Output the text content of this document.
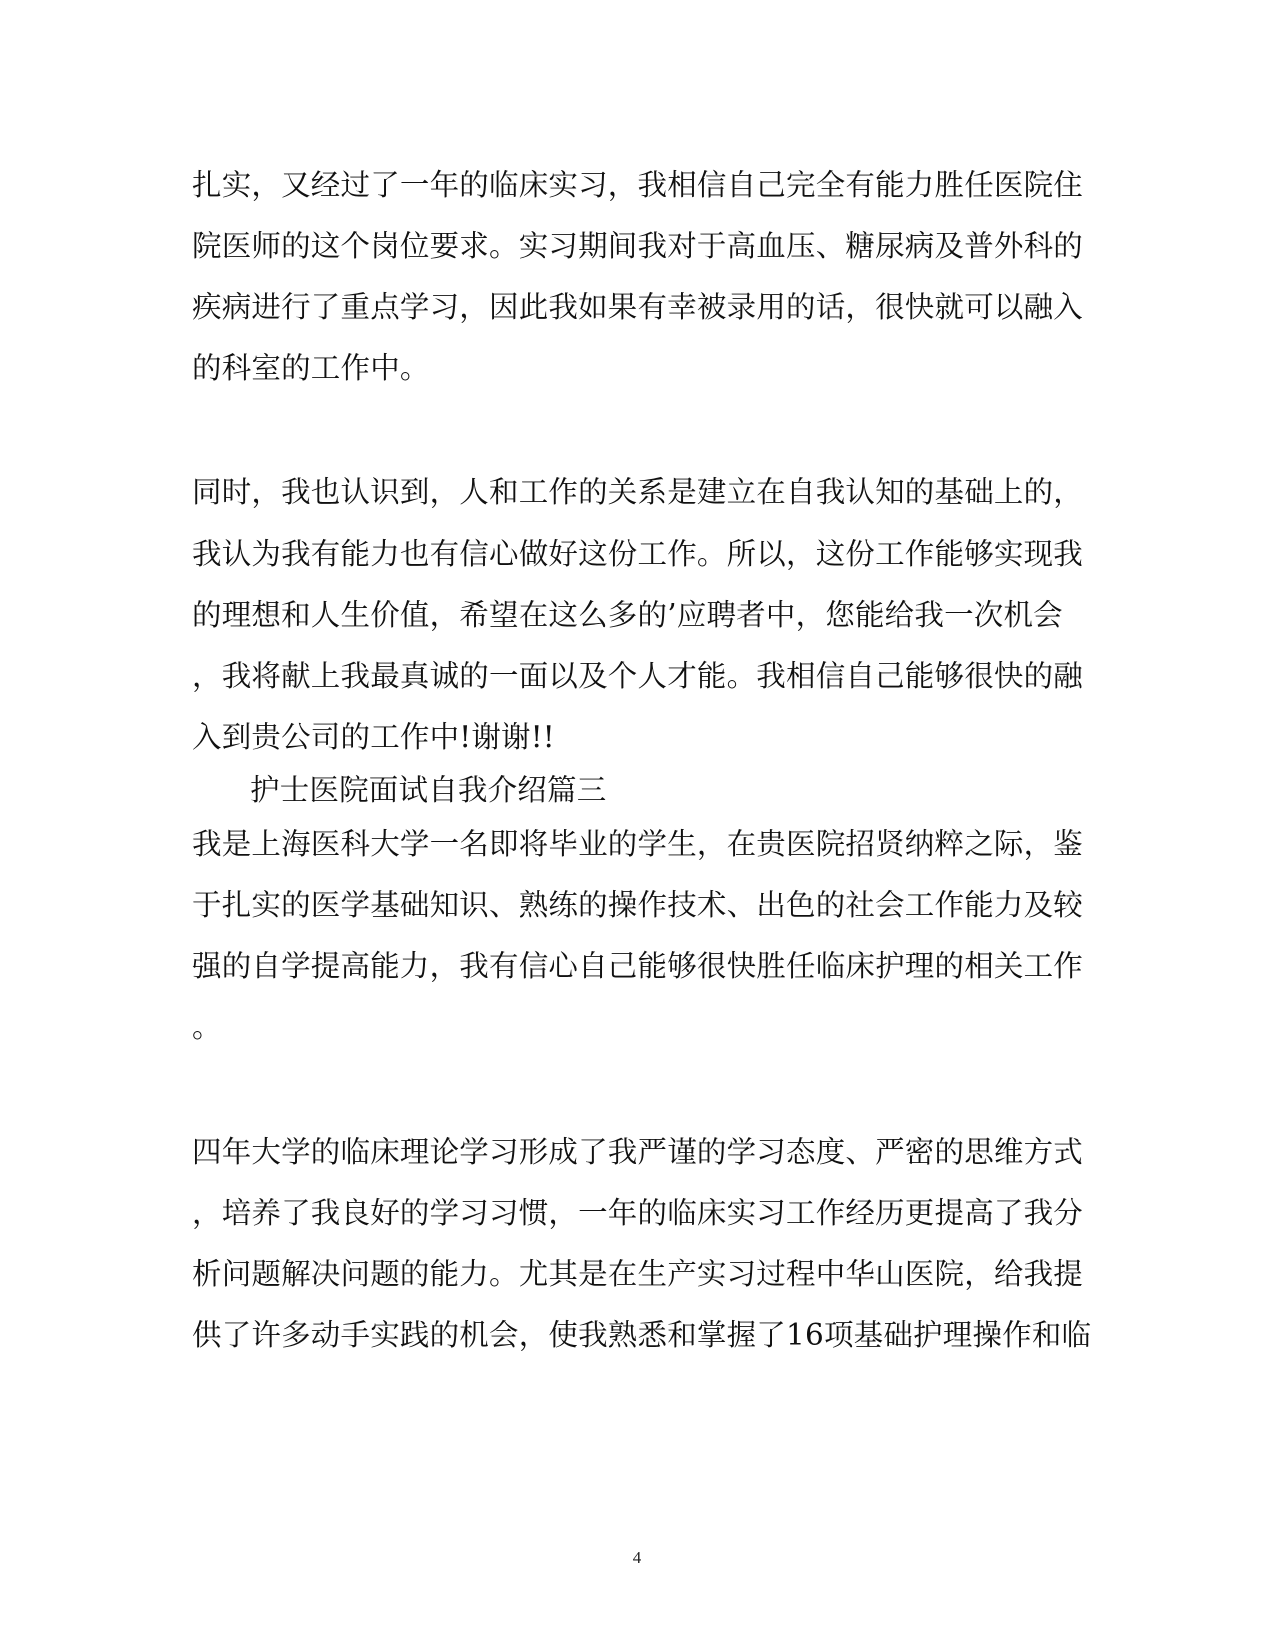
扎实，又经过了一年的临床实习，我相信自己完全有能力胜任医院住
院医师的这个岗位要求。实习期间我对于高血压、糖尿病及普外科的
疾病进行了重点学习，因此我如果有幸被录用的话，很快就可以融入
的科室的工作中。
同时，我也认识到，人和工作的关系是建立在自我认知的基础上的，
我认为我有能力也有信心做好这份工作。所以，这份工作能够实现我
的理想和人生价值，希望在这么多的’应聘者中，您能给我一次机会
，我将献上我最真诚的一面以及个人才能。我相信自己能够很快的融
入到贵公司的工作中!谢谢!!
护士医院面试自我介绍篇三
我是上海医科大学一名即将毕业的学生，在贵医院招贤纳粹之际，鉴
于扎实的医学基础知识、熟练的操作技术、出色的社会工作能力及较
强的自学提高能力，我有信心自己能够很快胜任临床护理的相关工作
。
四年大学的临床理论学习形成了我严谨的学习态度、严密的思维方式
，培养了我良好的学习习惯，一年的临床实习工作经历更提高了我分
析问题解决问题的能力。尤其是在生产实习过程中华山医院，给我提
供了许多动手实践的机会，使我熟悉和掌握了16项基础护理操作和临
4
